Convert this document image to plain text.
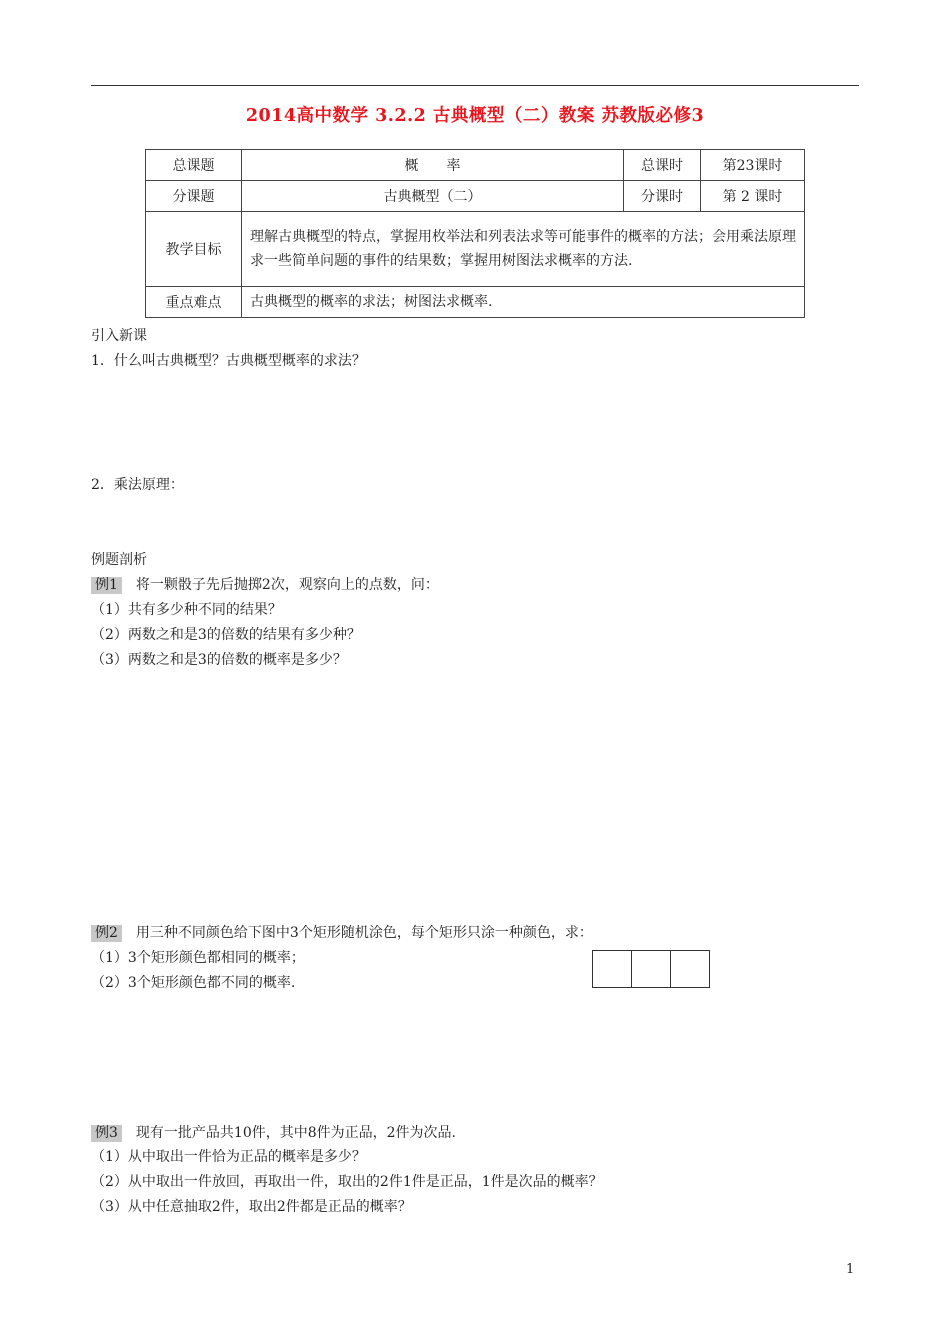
2014高中数学 3.2.2 古典概型（二）教案 苏教版必修3
总课题	概　　率	总课时	第23课时
分课题	古典概型（二）	分课时	第 2 课时
教学目标	理解古典概型的特点，掌握用枚举法和列表法求等可能事件的概率的方法；会用乘法原理求一些简单问题的事件的结果数；掌握用树图法求概率的方法.		
重点难点	古典概型的概率的求法；树图法求概率.		
引入新课
1．什么叫古典概型？古典概型概率的求法？
2．乘法原理：
例题剖析
例1 将一颗骰子先后抛掷2次，观察向上的点数，问：
（1）共有多少种不同的结果？
（2）两数之和是3的倍数的结果有多少种？
（3）两数之和是3的倍数的概率是多少？
例2 用三种不同颜色给下图中3个矩形随机涂色，每个矩形只涂一种颜色，求：
（1）3个矩形颜色都相同的概率；
（2）3个矩形颜色都不同的概率.
例3 现有一批产品共10件，其中8件为正品，2件为次品.
（1）从中取出一件恰为正品的概率是多少？
（2）从中取出一件放回，再取出一件，取出的2件1件是正品，1件是次品的概率？
（3）从中任意抽取2件，取出2件都是正品的概率？
1
